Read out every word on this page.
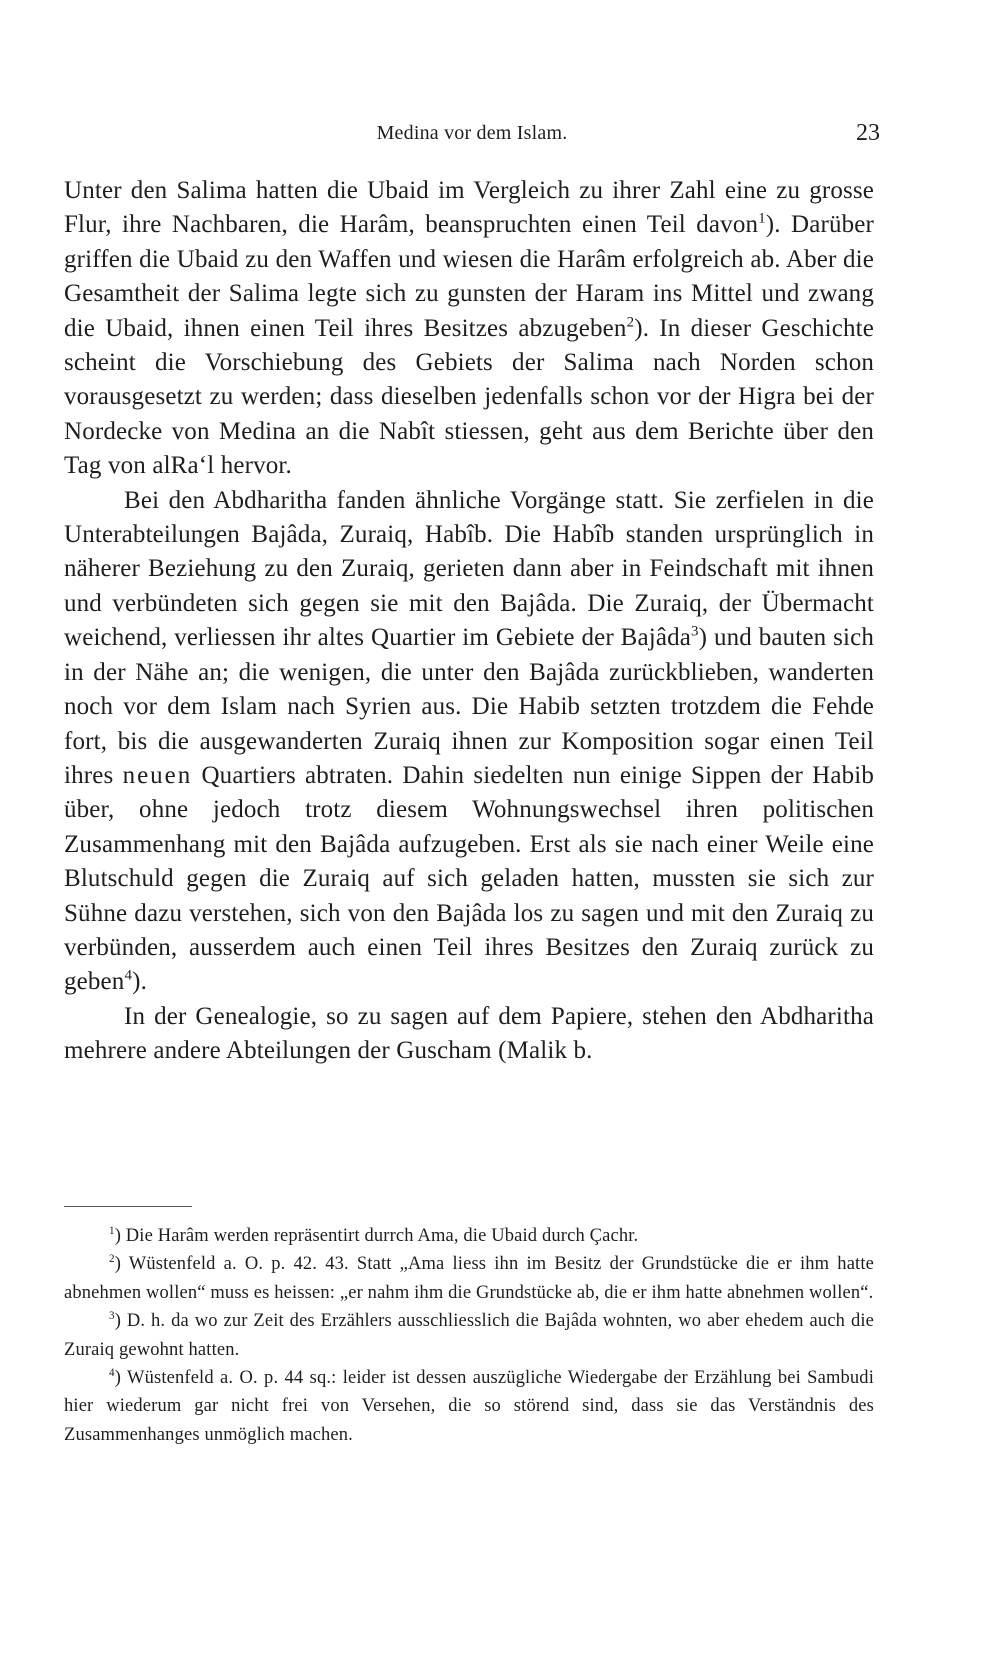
Medina vor dem Islam.	23

Unter den Salima hatten die Ubaid im Vergleich zu ihrer Zahl eine zu grosse Flur, ihre Nachbaren, die Harâm, beanspruchten einen Teil davon$^1$). Darüber griffen die Ubaid zu den Waffen und wiesen die Harâm erfolgreich ab. Aber die Gesamtheit der Salima legte sich zu gunsten der Haram ins Mittel und zwang die Ubaid, ihnen einen Teil ihres Besitzes abzugeben$^2$). In dieser Geschichte scheint die Vorschiebung des Gebiets der Salima nach Norden schon vorausgesetzt zu werden; dass dieselben jedenfalls schon vor der Higra bei der Nordecke von Medina an die Nabît stiessen, geht aus dem Berichte über den Tag von alRa‘l hervor.

Bei den Abdharitha fanden ähnliche Vorgänge statt. Sie zerfielen in die Unterabteilungen Bajâda, Zuraiq, Habîb. Die Habîb standen ursprünglich in näherer Beziehung zu den Zuraiq, gerieten dann aber in Feindschaft mit ihnen und verbündeten sich gegen sie mit den Bajâda. Die Zuraiq, der Übermacht weichend, verliessen ihr altes Quartier im Gebiete der Bajâda$^3$) und bauten sich in der Nähe an; die wenigen, die unter den Bajâda zurückblieben, wanderten noch vor dem Islam nach Syrien aus. Die Habib setzten trotzdem die Fehde fort, bis die ausgewanderten Zuraiq ihnen zur Komposition sogar einen Teil ihres neuen Quartiers abtraten. Dahin siedelten nun einige Sippen der Habib über, ohne jedoch trotz diesem Wohnungswechsel ihren politischen Zusammenhang mit den Bajâda aufzugeben. Erst als sie nach einer Weile eine Blutschuld gegen die Zuraiq auf sich geladen hatten, mussten sie sich zur Sühne dazu verstehen, sich von den Bajâda los zu sagen und mit den Zuraiq zu verbünden, ausserdem auch einen Teil ihres Besitzes den Zuraiq zurück zu geben$^4$).

In der Genealogie, so zu sagen auf dem Papiere, stehen den Abdharitha mehrere andere Abteilungen der Guscham (Malik b.

$^1$) Die Harâm werden repräsentirt durrch Ama, die Ubaid durch Çachr.

$^2$) Wüstenfeld a. O. p. 42. 43. Statt „Ama liess ihn im Besitz der Grundstücke die er ihm hatte abnehmen wollen“ muss es heissen: „er nahm ihm die Grundstücke ab, die er ihm hatte abnehmen wollen“.

$^3$) D. h. da wo zur Zeit des Erzählers ausschliesslich die Bajâda wohnten, wo aber ehedem auch die Zuraiq gewohnt hatten.

$^4$) Wüstenfeld a. O. p. 44 sq.: leider ist dessen auszügliche Wiedergabe der Erzählung bei Sambudi hier wiederum gar nicht frei von Versehen, die so störend sind, dass sie das Verständnis des Zusammenhanges unmöglich machen.
